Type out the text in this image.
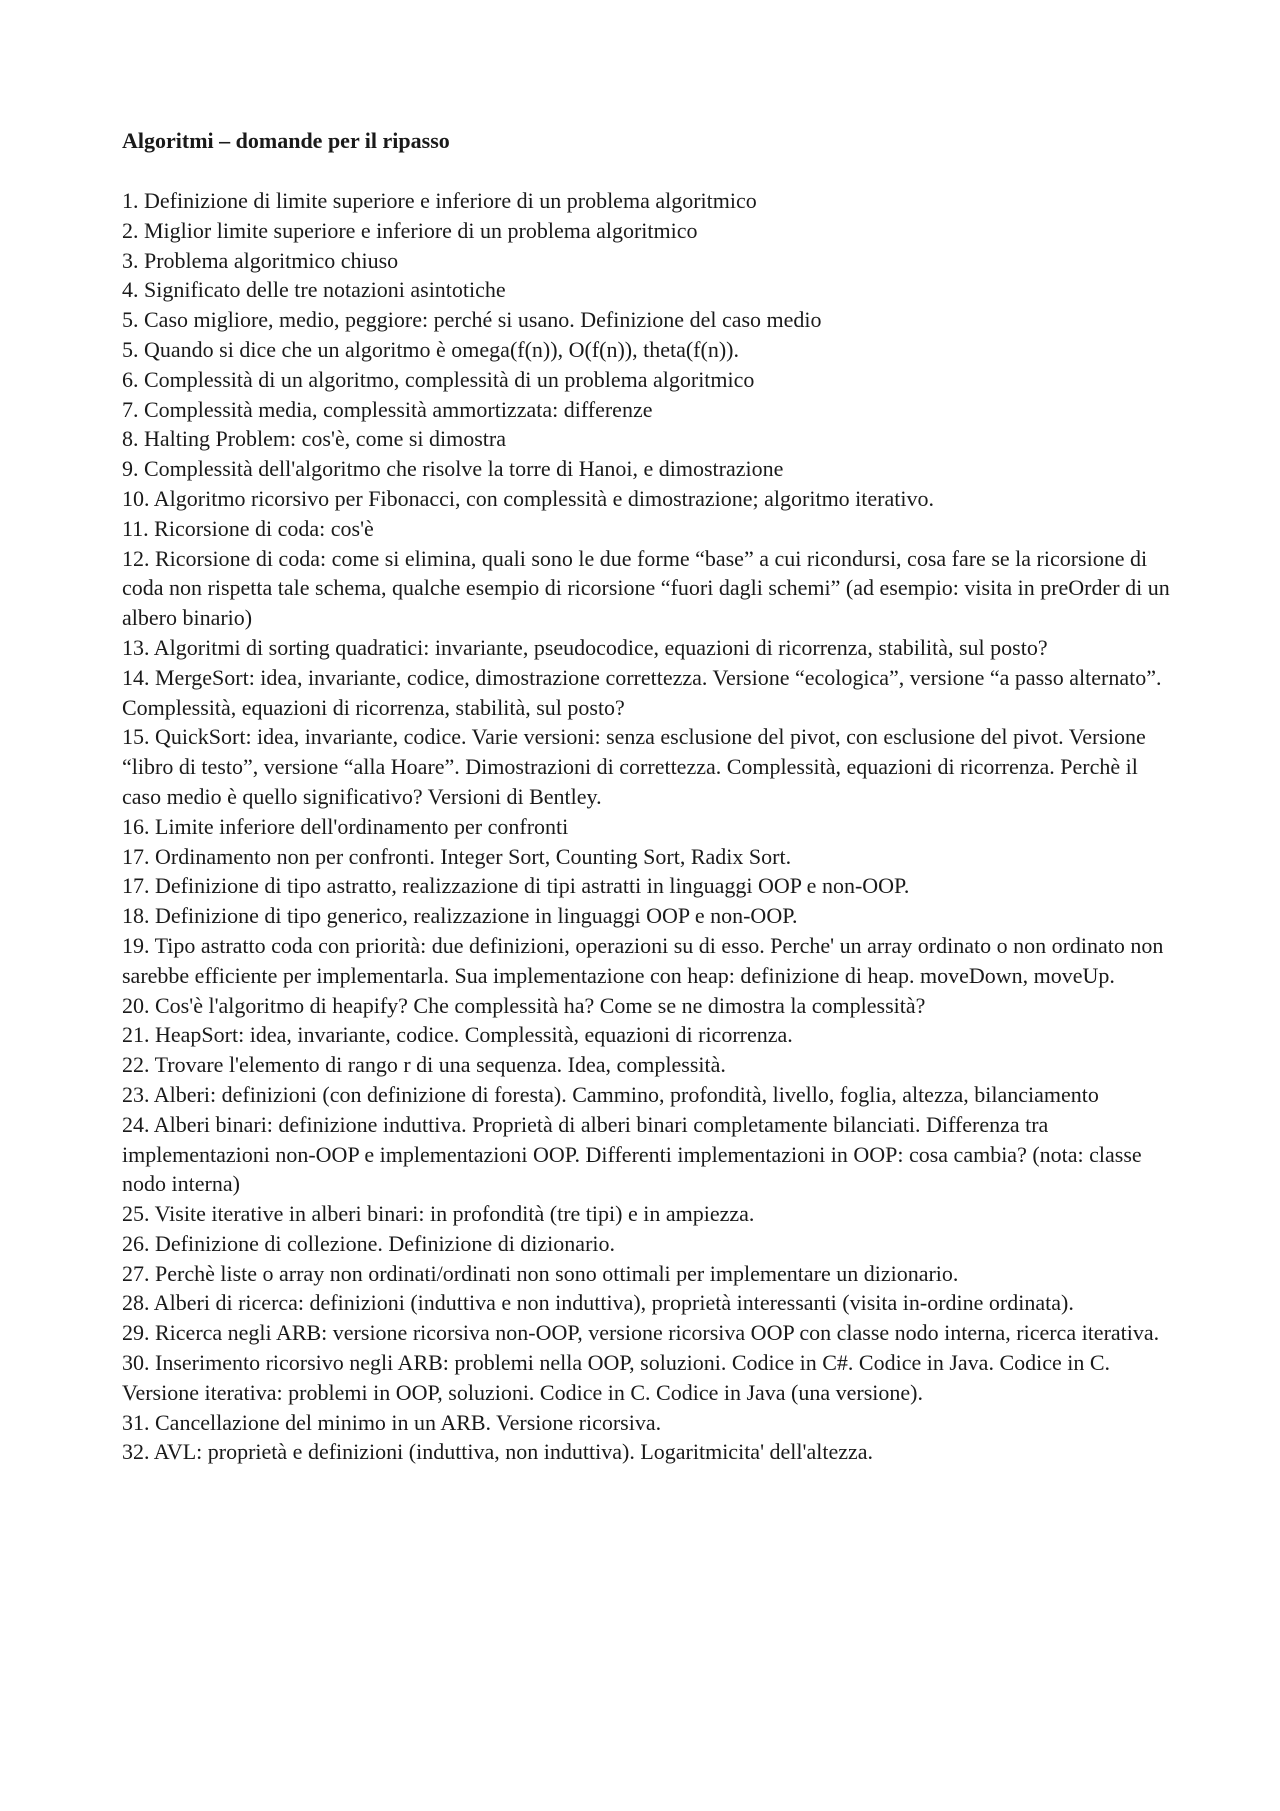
Algoritmi – domande per il ripasso
1. Definizione di limite superiore e inferiore di un problema algoritmico
2. Miglior limite superiore e inferiore di un problema algoritmico
3. Problema algoritmico chiuso
4. Significato delle tre notazioni asintotiche
5. Caso migliore, medio, peggiore: perché si usano. Definizione del caso medio
5. Quando si dice che un algoritmo è omega(f(n)), O(f(n)), theta(f(n)).
6. Complessità di un algoritmo, complessità di un problema algoritmico
7. Complessità media, complessità ammortizzata: differenze
8. Halting Problem: cos'è, come si dimostra
9. Complessità dell'algoritmo che risolve la torre di Hanoi, e dimostrazione
10. Algoritmo ricorsivo per Fibonacci, con complessità e dimostrazione; algoritmo iterativo.
11. Ricorsione di coda: cos'è
12. Ricorsione di coda: come si elimina, quali sono le due forme “base” a cui ricondursi, cosa fare se la ricorsione di coda non rispetta tale schema, qualche esempio di ricorsione “fuori dagli schemi” (ad esempio: visita in preOrder di un albero binario)
13. Algoritmi di sorting quadratici: invariante, pseudocodice, equazioni di ricorrenza, stabilità, sul posto?
14. MergeSort: idea, invariante, codice, dimostrazione correttezza. Versione “ecologica”, versione “a passo alternato”. Complessità, equazioni di ricorrenza, stabilità, sul posto?
15. QuickSort: idea, invariante, codice. Varie versioni: senza esclusione del pivot, con esclusione del pivot. Versione “libro di testo”, versione “alla Hoare”. Dimostrazioni di correttezza. Complessità, equazioni di ricorrenza. Perchè il caso medio è quello significativo? Versioni di Bentley.
16. Limite inferiore dell'ordinamento per confronti
17. Ordinamento non per confronti. Integer Sort, Counting Sort, Radix Sort.
17. Definizione di tipo astratto, realizzazione di tipi astratti in linguaggi OOP e non-OOP.
18. Definizione di tipo generico, realizzazione in linguaggi OOP e non-OOP.
19. Tipo astratto coda con priorità: due definizioni, operazioni su di esso. Perche' un array ordinato o non ordinato non sarebbe efficiente per implementarla. Sua implementazione con heap: definizione di heap. moveDown, moveUp.
20. Cos'è l'algoritmo di heapify? Che complessità ha? Come se ne dimostra la complessità?
21. HeapSort: idea, invariante, codice. Complessità, equazioni di ricorrenza.
22. Trovare l'elemento di rango r di una sequenza. Idea, complessità.
23. Alberi: definizioni (con definizione di foresta). Cammino, profondità, livello, foglia, altezza, bilanciamento
24. Alberi binari: definizione induttiva. Proprietà di alberi binari completamente bilanciati. Differenza tra implementazioni non-OOP e implementazioni OOP. Differenti implementazioni in OOP: cosa cambia? (nota: classe nodo interna)
25. Visite iterative in alberi binari: in profondità (tre tipi) e in ampiezza.
26. Definizione di collezione. Definizione di dizionario.
27. Perchè liste o array non ordinati/ordinati non sono ottimali per implementare un dizionario.
28. Alberi di ricerca: definizioni (induttiva e non induttiva), proprietà interessanti (visita in-ordine ordinata).
29. Ricerca negli ARB: versione ricorsiva non-OOP, versione ricorsiva OOP con classe nodo interna, ricerca iterativa.
30. Inserimento ricorsivo negli ARB: problemi nella OOP, soluzioni. Codice in C#. Codice in Java. Codice in C. Versione iterativa: problemi in OOP, soluzioni. Codice in C. Codice in Java (una versione).
31. Cancellazione del minimo in un ARB. Versione ricorsiva.
32. AVL: proprietà e definizioni (induttiva, non induttiva). Logaritmicita' dell'altezza.
